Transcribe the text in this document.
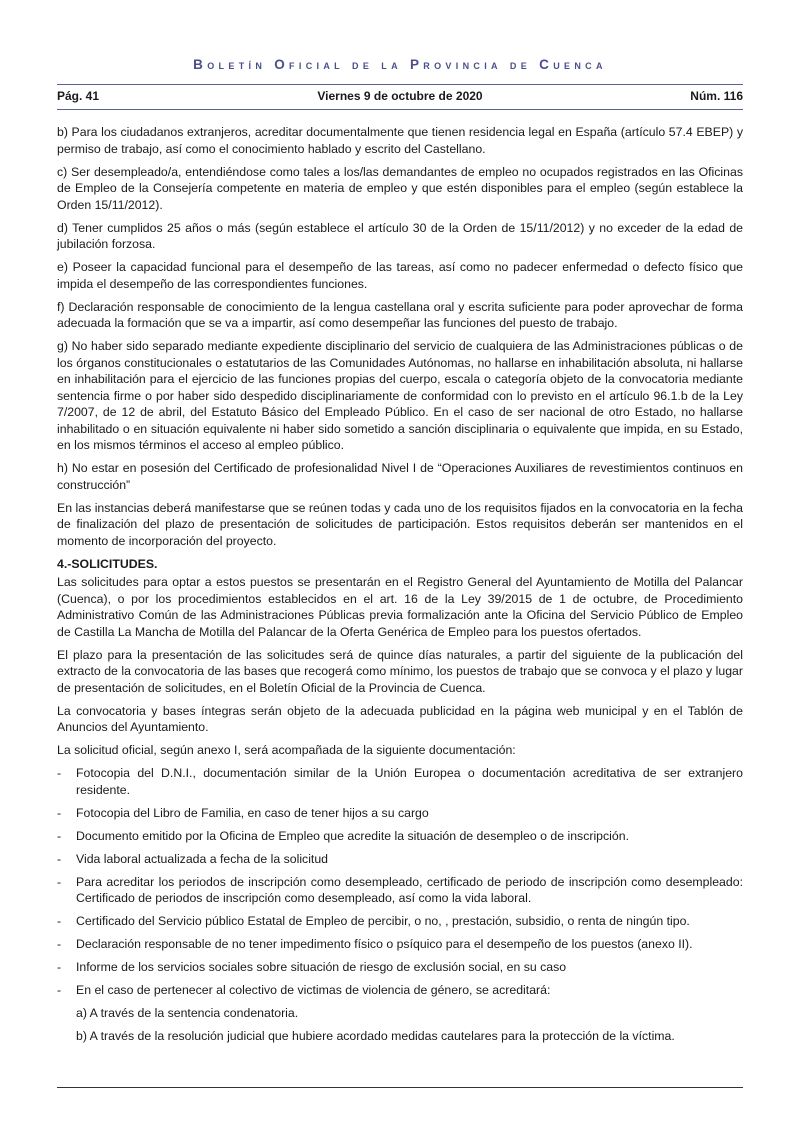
Boletín Oficial de la Provincia de Cuenca
Pág. 41	Viernes 9 de octubre de 2020	Núm. 116

b) Para los ciudadanos extranjeros, acreditar documentalmente que tienen residencia legal en España (artículo 57.4 EBEP) y permiso de trabajo, así como el conocimiento hablado y escrito del Castellano.

c) Ser desempleado/a, entendiéndose como tales a los/las demandantes de empleo no ocupados registrados en las Oficinas de Empleo de la Consejería competente en materia de empleo y que estén disponibles para el empleo (según establece la Orden 15/11/2012).

d) Tener cumplidos 25 años o más (según establece el artículo 30 de la Orden de 15/11/2012) y no exceder de la edad de jubilación forzosa.

e) Poseer la capacidad funcional para el desempeño de las tareas, así como no padecer enfermedad o defecto físico que impida el desempeño de las correspondientes funciones.

f) Declaración responsable de conocimiento de la lengua castellana oral y escrita suficiente para poder aprovechar de forma adecuada la formación que se va a impartir, así como desempeñar las funciones del puesto de trabajo.

g) No haber sido separado mediante expediente disciplinario del servicio de cualquiera de las Administraciones públicas o de los órganos constitucionales o estatutarios de las Comunidades Autónomas, no hallarse en inhabilitación absoluta, ni hallarse en inhabilitación para el ejercicio de las funciones propias del cuerpo, escala o categoría objeto de la convocatoria mediante sentencia firme o por haber sido despedido disciplinariamente de conformidad con lo previsto en el artículo 96.1.b de la Ley 7/2007, de 12 de abril, del Estatuto Básico del Empleado Público. En el caso de ser nacional de otro Estado, no hallarse inhabilitado o en situación equivalente ni haber sido sometido a sanción disciplinaria o equivalente que impida, en su Estado, en los mismos términos el acceso al empleo público.

h) No estar en posesión del Certificado de profesionalidad Nivel I de “Operaciones Auxiliares de revestimientos continuos en construcción”

En las instancias deberá manifestarse que se reúnen todas y cada uno de los requisitos fijados en la convocatoria en la fecha de finalización del plazo de presentación de solicitudes de participación. Estos requisitos deberán ser mantenidos en el momento de incorporación del proyecto.

4.-SOLICITUDES.

Las solicitudes para optar a estos puestos se presentarán en el Registro General del Ayuntamiento de Motilla del Palancar (Cuenca), o por los procedimientos establecidos en el art. 16 de la Ley 39/2015 de 1 de octubre, de Procedimiento Administrativo Común de las Administraciones Públicas previa formalización ante la Oficina del Servicio Público de Empleo de Castilla La Mancha de Motilla del Palancar de la Oferta Genérica de Empleo para los puestos ofertados.

El plazo para la presentación de las solicitudes será de quince días naturales, a partir del siguiente de la publicación del extracto de la convocatoria de las bases que recogerá como mínimo, los puestos de trabajo que se convoca y el plazo y lugar de presentación de solicitudes, en el Boletín Oficial de la Provincia de Cuenca.

La convocatoria y bases íntegras serán objeto de la adecuada publicidad en la página web municipal y en el Tablón de Anuncios del Ayuntamiento.

La solicitud oficial, según anexo I, será acompañada de la siguiente documentación:

- Fotocopia del D.N.I., documentación similar de la Unión Europea o documentación acreditativa de ser extranjero residente.
- Fotocopia del Libro de Familia, en caso de tener hijos a su cargo
- Documento emitido por la Oficina de Empleo que acredite la situación de desempleo o de inscripción.
- Vida laboral actualizada a fecha de la solicitud
- Para acreditar los periodos de inscripción como desempleado, certificado de periodo de inscripción como desempleado: Certificado de periodos de inscripción como desempleado, así como la vida laboral.
- Certificado del Servicio público Estatal de Empleo de percibir, o no, , prestación, subsidio, o renta de ningún tipo.
- Declaración responsable de no tener impedimento físico o psíquico para el desempeño de los puestos (anexo II).
- Informe de los servicios sociales sobre situación de riesgo de exclusión social, en su caso
- En el caso de pertenecer al colectivo de victimas de violencia de género, se acreditará:

a) A través de la sentencia condenatoria.

b) A través de la resolución judicial que hubiere acordado medidas cautelares para la protección de la víctima.
